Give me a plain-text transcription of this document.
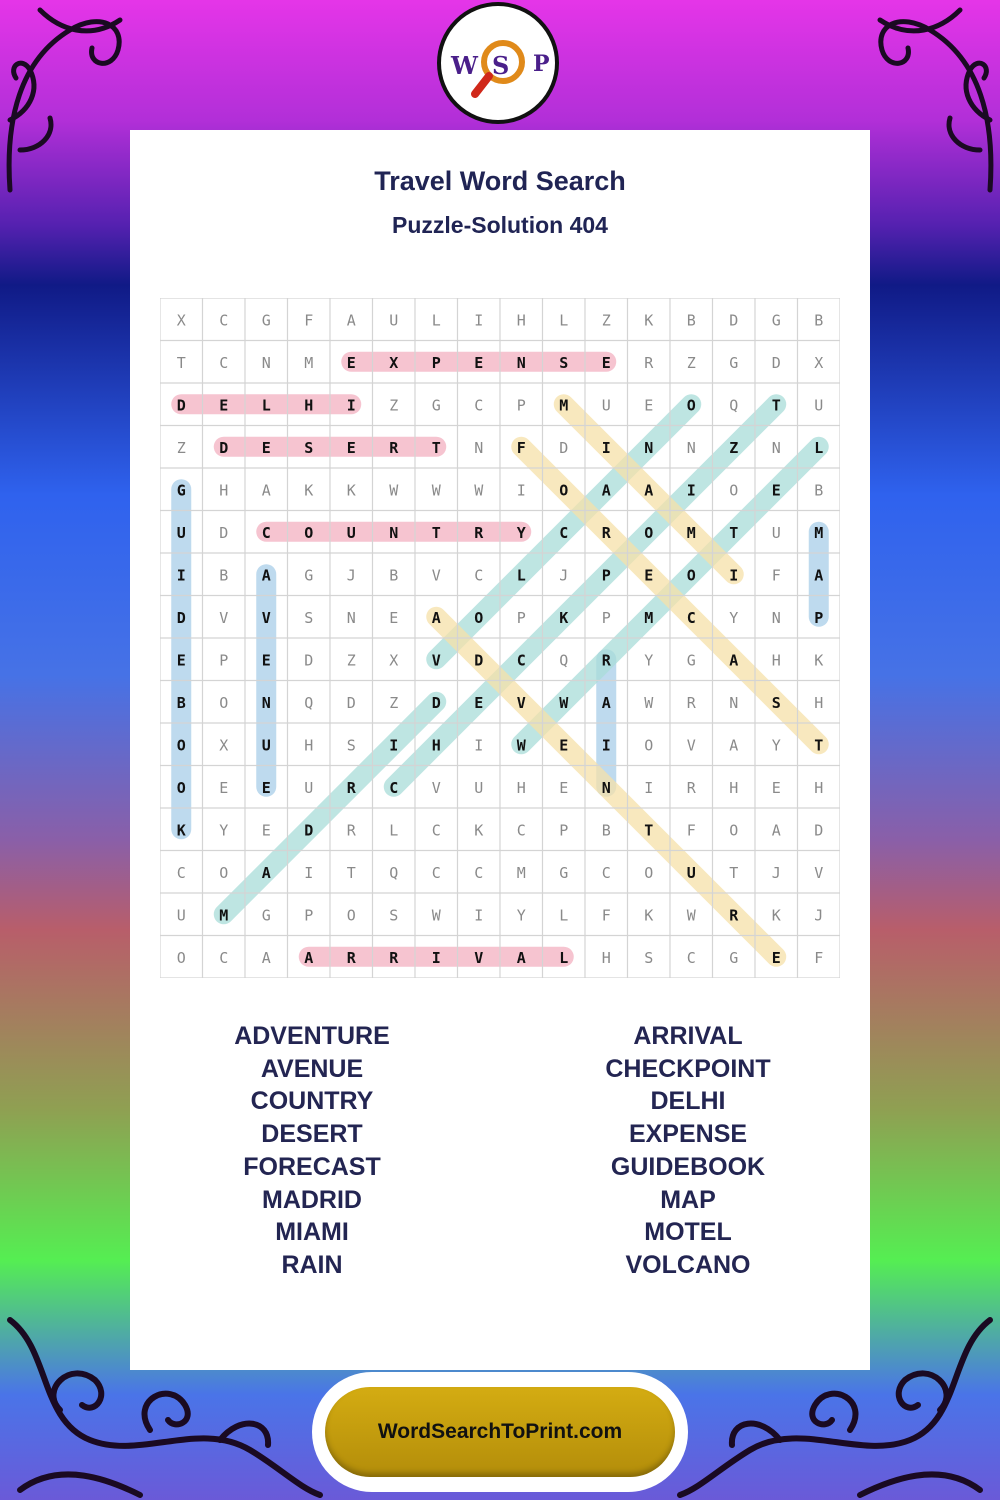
W S P
Travel Word Search
Puzzle-Solution 404
X C G F A U L I H L Z K B D G B
T C N M E X P E N S E R Z G D X
D E L H I Z G C P M U E O Q T U
Z D E S E R T N F D I N N Z N L
G H A K K W W W I O A A I O E B
U D C O U N T R Y C R O M T U M
I B A G J B V C L J P E O I F A
D V V S N E A O P K P M C Y N P
E P E D Z X V D C Q R Y G A H K
B O N Q D Z D E V W A W R N S H
O X U H S I H I W E I O V A Y T
O E E U R C V U H E N I R H E H
K Y E D R L C K C P B T F O A D
C O A I T Q C C M G C O U T J V
U M G P O S W I Y L F K W R K J
O C A A R R I V A L H S C G E F
ADVENTURE
AVENUE
COUNTRY
DESERT
FORECAST
MADRID
MIAMI
RAIN
ARRIVAL
CHECKPOINT
DELHI
EXPENSE
GUIDEBOOK
MAP
MOTEL
VOLCANO
WordSearchToPrint.com
